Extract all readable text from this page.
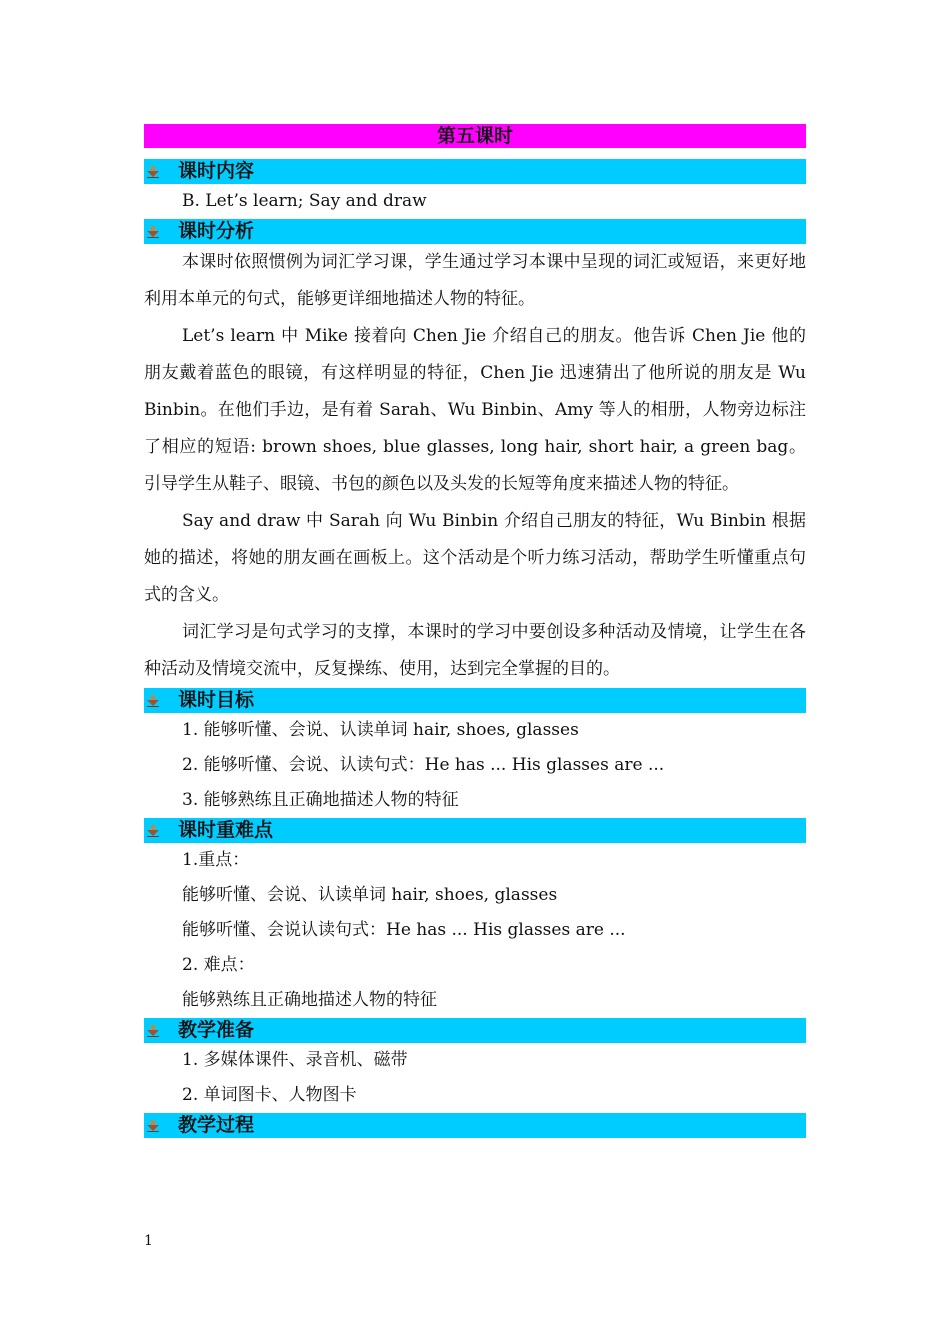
第五课时
课时内容
B. Let’s learn; Say and draw
课时分析

本课时依照惯例为词汇学习课，学生通过学习本课中呈现的词汇或短语，来更好地利用本单元的句式，能够更详细地描述人物的特征。

Let’s learn 中 Mike 接着向 Chen Jie 介绍自己的朋友。他告诉 Chen Jie 他的朋友戴着蓝色的眼镜，有这样明显的特征，Chen Jie 迅速猜出了他所说的朋友是 Wu Binbin。在他们手边，是有着 Sarah、Wu Binbin、Amy 等人的相册，人物旁边标注了相应的短语: brown shoes, blue glasses, long hair, short hair, a green bag。引导学生从鞋子、眼镜、书包的颜色以及头发的长短等角度来描述人物的特征。

Say and draw 中 Sarah 向 Wu Binbin 介绍自己朋友的特征，Wu Binbin 根据她的描述，将她的朋友画在画板上。这个活动是个听力练习活动，帮助学生听懂重点句式的含义。

词汇学习是句式学习的支撑，本课时的学习中要创设多种活动及情境，让学生在各种活动及情境交流中，反复操练、使用，达到完全掌握的目的。

课时目标
1. 能够听懂、会说、认读单词 hair, shoes, glasses
2. 能够听懂、会说、认读句式：He has ... His glasses are ...
3. 能够熟练且正确地描述人物的特征
课时重难点
1.重点：
能够听懂、会说、认读单词 hair, shoes, glasses
能够听懂、会说认读句式：He has ... His glasses are ...
2. 难点：
能够熟练且正确地描述人物的特征
教学准备
1. 多媒体课件、录音机、磁带
2. 单词图卡、人物图卡
教学过程
1
